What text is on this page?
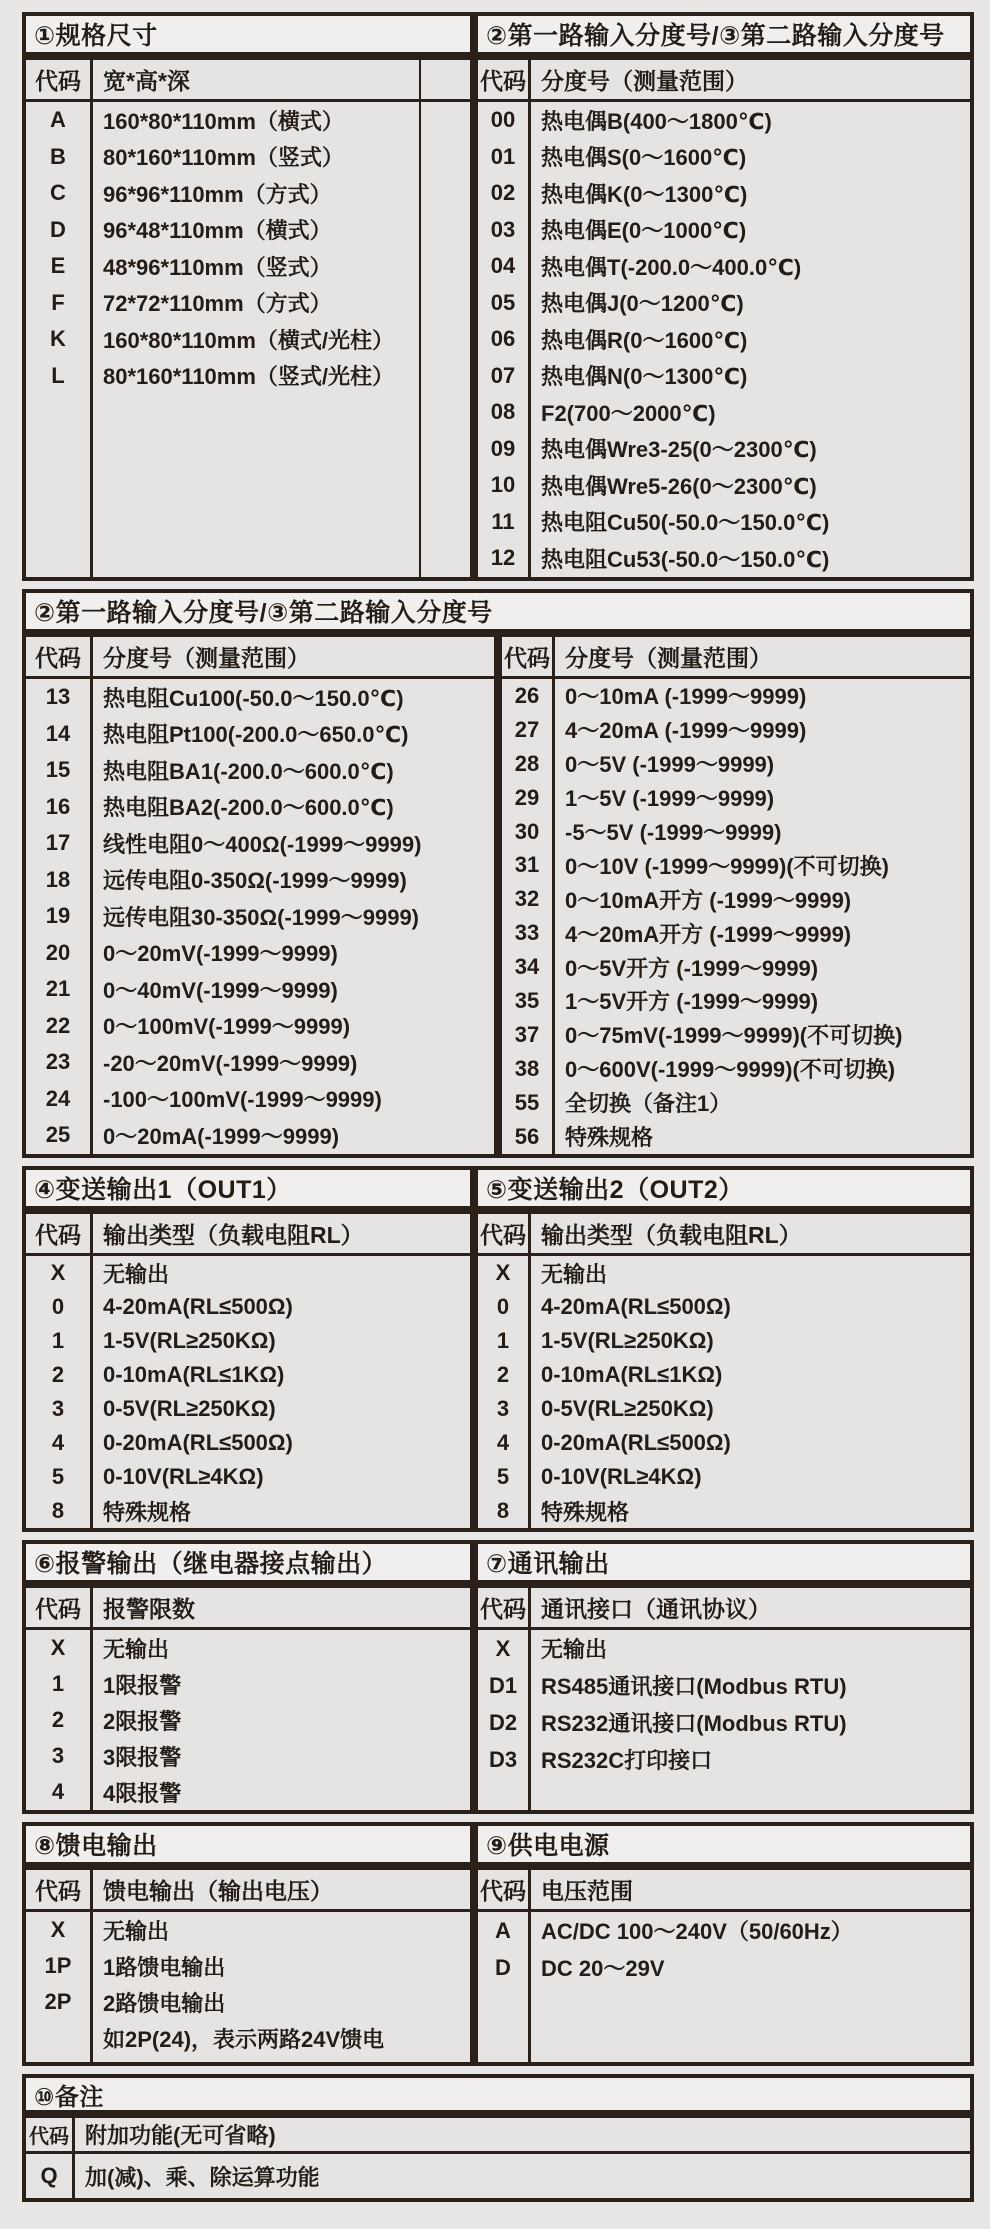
①规格尺寸
代码 宽*高*深
A	160*80*110mm（横式）
B	80*160*110mm（竖式）
C	96*96*110mm（方式）
D	96*48*110mm（横式）
E	48*96*110mm（竖式）
F	72*72*110mm（方式）
K	160*80*110mm（横式/光柱）
L	80*160*110mm（竖式/光柱）
②第一路输入分度号/③第二路输入分度号
代码 分度号（测量范围）
00	热电偶B(400～1800℃)
01	热电偶S(0～1600℃)
02	热电偶K(0～1300℃)
03	热电偶E(0～1000℃)
04	热电偶T(-200.0～400.0℃)
05	热电偶J(0～1200℃)
06	热电偶R(0～1600℃)
07	热电偶N(0～1300℃)
08	F2(700～2000℃)
09	热电偶Wre3-25(0～2300℃)
10	热电偶Wre5-26(0～2300℃)
11	热电阻Cu50(-50.0～150.0℃)
12	热电阻Cu53(-50.0～150.0℃)
②第一路输入分度号/③第二路输入分度号
代码 分度号（测量范围）
13	热电阻Cu100(-50.0～150.0℃)
14	热电阻Pt100(-200.0～650.0℃)
15	热电阻BA1(-200.0～600.0℃)
16	热电阻BA2(-200.0～600.0℃)
17	线性电阻0～400Ω(-1999～9999)
18	远传电阻0-350Ω(-1999～9999)
19	远传电阻30-350Ω(-1999～9999)
20	0～20mV(-1999～9999)
21	0～40mV(-1999～9999)
22	0～100mV(-1999～9999)
23	-20～20mV(-1999～9999)
24	-100～100mV(-1999～9999)
25	0～20mA(-1999～9999)
代码 分度号（测量范围）
26	0～10mA (-1999～9999)
27	4～20mA (-1999～9999)
28	0～5V (-1999～9999)
29	1～5V (-1999～9999)
30	-5～5V (-1999～9999)
31	0～10V (-1999～9999)(不可切换)
32	0～10mA开方 (-1999～9999)
33	4～20mA开方 (-1999～9999)
34	0～5V开方 (-1999～9999)
35	1～5V开方 (-1999～9999)
37	0～75mV(-1999～9999)(不可切换)
38	0～600V(-1999～9999)(不可切换)
55	全切换（备注1）
56	特殊规格
④变送输出1（OUT1）
代码 输出类型（负载电阻RL）
X	无输出
0	4-20mA(RL≤500Ω)
1	1-5V(RL≥250KΩ)
2	0-10mA(RL≤1KΩ)
3	0-5V(RL≥250KΩ)
4	0-20mA(RL≤500Ω)
5	0-10V(RL≥4KΩ)
8	特殊规格
⑤变送输出2（OUT2）
代码 输出类型（负载电阻RL）
X	无输出
0	4-20mA(RL≤500Ω)
1	1-5V(RL≥250KΩ)
2	0-10mA(RL≤1KΩ)
3	0-5V(RL≥250KΩ)
4	0-20mA(RL≤500Ω)
5	0-10V(RL≥4KΩ)
8	特殊规格
⑥报警输出（继电器接点输出）
代码 报警限数
X	无输出
1	1限报警
2	2限报警
3	3限报警
4	4限报警
⑦通讯输出
代码 通讯接口（通讯协议）
X	无输出
D1	RS485通讯接口(Modbus RTU)
D2	RS232通讯接口(Modbus RTU)
D3	RS232C打印接口
⑧馈电输出
代码 馈电输出（输出电压）
X	无输出
1P	1路馈电输出
2P	2路馈电输出
如2P(24)，表示两路24V馈电
⑨供电电源
代码 电压范围
A	AC/DC 100～240V（50/60Hz）
D	DC 20～29V
⑩备注
代码 附加功能(无可省略)
Q	加(减)、乘、除运算功能
